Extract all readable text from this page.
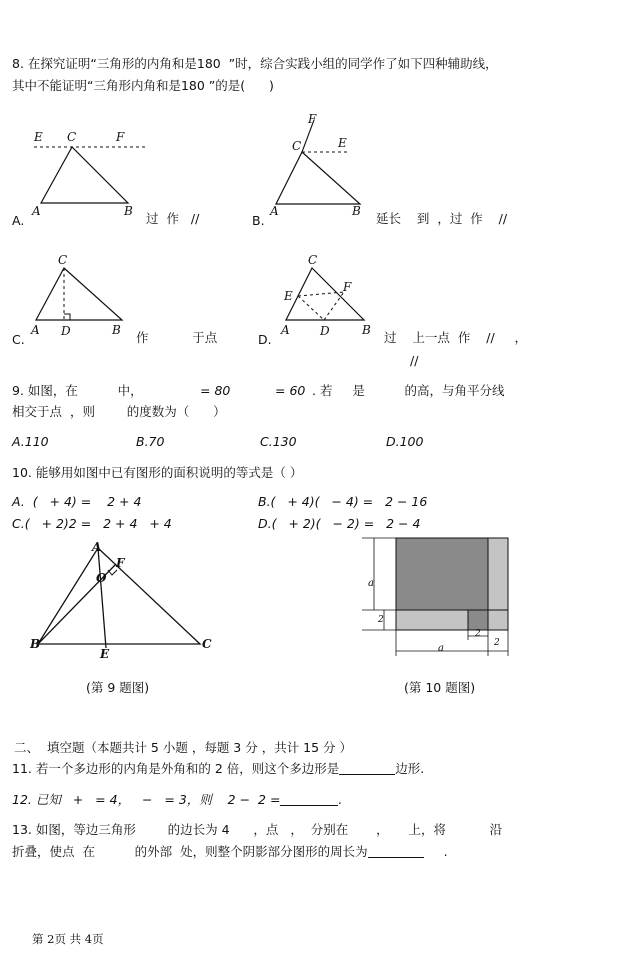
8. 在探究证明“三角形的内角和是180  ”时，综合实践小组的同学作了如下四种辅助线，
其中不能证明“三角形内角和是180 ”的是(      )
E C	F
A	B
A.	过  作   //
F
C	E
A	B
B.	延长    到  ，过  作    //
C
A D	B
C.	作           于点
C
E
F
A	D	B
D.	过    上一点  作    //     ，
//
9. 如图，在          中，	= 80	= 60 . 若     是          的高，与角平分线
相交于点  ，则        的度数为（      ）
A.110	B.70	C.130	D.100
10. 能够用如图中已有图形的面积说明的等式是（ ）
A.  (   + 4) =    2 + 4	B.(   + 4)(   − 4) =   2 − 16
C.(   + 2)2 =   2 + 4   + 4	D.(   + 2)(   − 2) =   2 − 4
A
F
O
B
E
C
(第 9 题图)
a
2
2
a	2
(第 10 题图)
二、  填空题（本题共计 5 小题 ，每题 3 分 ，共计 15 分 ）
11. 若一个多边形的内角是外角和的 2 倍，则这个多边形是	边形.
12. 已知   +   = 4，   −   = 3，则    2 −  2 =	.
13. 如图，等边三角形        的边长为 4      ，点   ，  分别在       ，     上，将           沿
折叠，使点  在          的外部  处，则整个阴影部分图形的周长为	.
第 2页 共 4页
